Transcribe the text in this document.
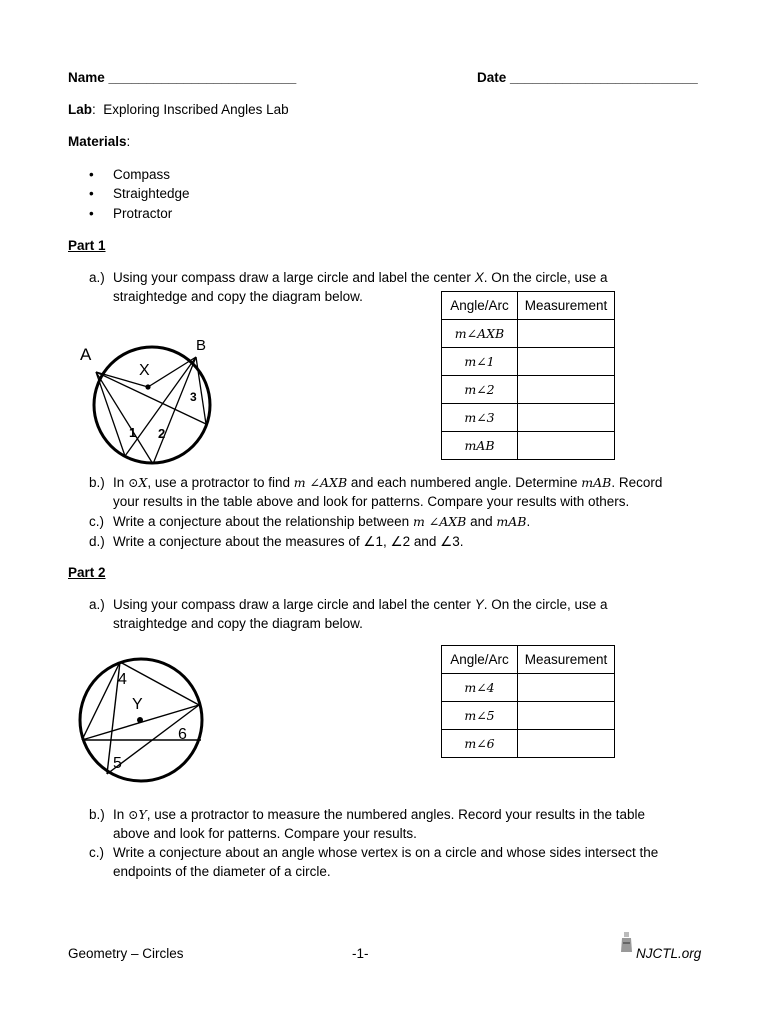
Name _________________________	Date _________________________
Lab: Exploring Inscribed Angles Lab
Materials:
• Compass
• Straightedge
• Protractor
Part 1
a.) Using your compass draw a large circle and label the center X. On the circle, use a
straightedge and copy the diagram below.
A	B
X
1 2
3
Angle/Arc	Measurement
m∠AXB	
m∠1	
m∠2	
m∠3	
mAB	
b.) In ⊙X, use a protractor to find m ∠AXB and each numbered angle. Determine mAB. Record
your results in the table above and look for patterns. Compare your results with others.
c.) Write a conjecture about the relationship between m ∠AXB and mAB.
d.) Write a conjecture about the measures of ∠1, ∠2 and ∠3.
Part 2
a.) Using your compass draw a large circle and label the center Y. On the circle, use a
straightedge and copy the diagram below.
Y
4
5
6
Angle/Arc	Measurement
m∠4	
m∠5	
m∠6	
b.) In ⊙Y, use a protractor to measure the numbered angles. Record your results in the table
above and look for patterns. Compare your results.
c.) Write a conjecture about an angle whose vertex is on a circle and whose sides intersect the
endpoints of the diameter of a circle.
Geometry – Circles	-1-	NJCTL.org
